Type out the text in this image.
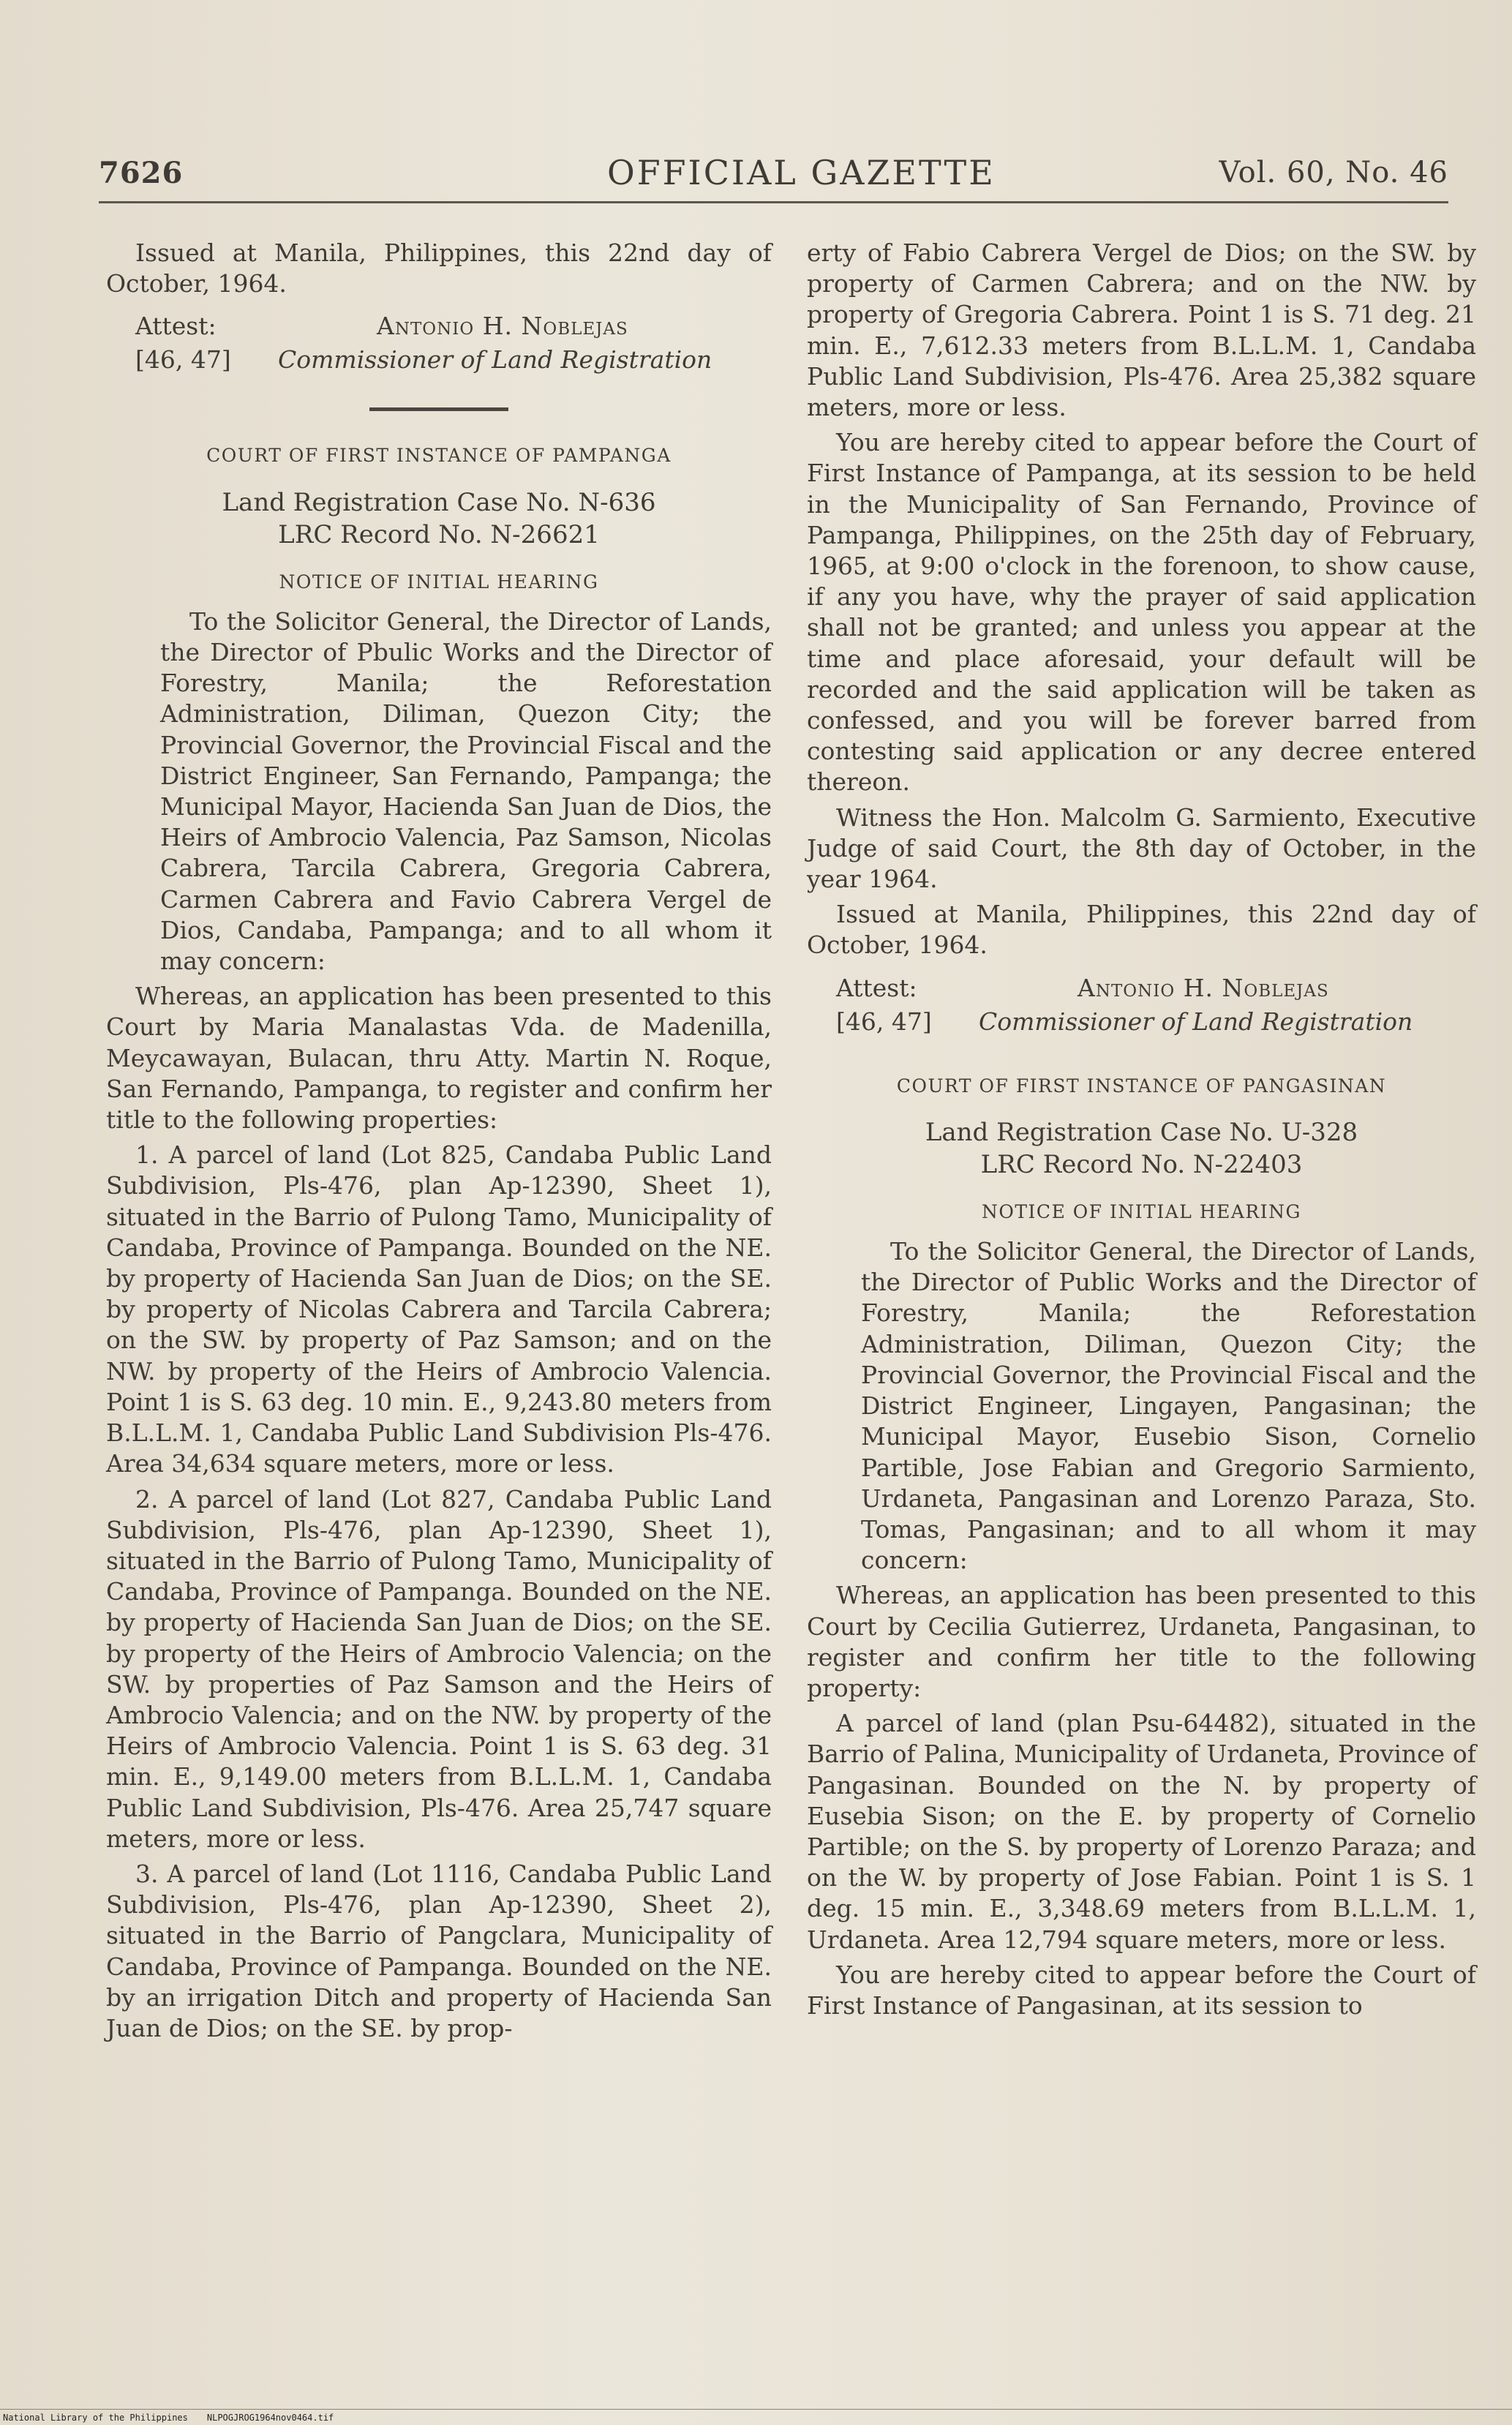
7626	OFFICIAL GAZETTE	Vol. 60, No. 46

Issued at Manila, Philippines, this 22nd day of October, 1964.

Attest:
[46, 47]
Antonio H. Noblejas
Commissioner of Land Registration
COURT OF FIRST INSTANCE OF PAMPANGA
Land Registration Case No. N-636
LRC Record No. N-26621
NOTICE OF INITIAL HEARING

To the Solicitor General, the Director of Lands, the Director of Pbulic Works and the Director of Forestry, Manila; the Reforestation Administration, Diliman, Quezon City; the Provincial Governor, the Provincial Fiscal and the District Engineer, San Fernando, Pampanga; the Municipal Mayor, Hacienda San Juan de Dios, the Heirs of Ambrocio Valencia, Paz Samson, Nicolas Cabrera, Tarcila Cabrera, Gregoria Cabrera, Carmen Cabrera and Favio Cabrera Vergel de Dios, Candaba, Pampanga; and to all whom it may concern:

Whereas, an application has been presented to this Court by Maria Manalastas Vda. de Madenilla, Meycawayan, Bulacan, thru Atty. Martin N. Roque, San Fernando, Pampanga, to register and confirm her title to the following properties:

1. A parcel of land (Lot 825, Candaba Public Land Subdivision, Pls-476, plan Ap-12390, Sheet 1), situated in the Barrio of Pulong Tamo, Municipality of Candaba, Province of Pampanga. Bounded on the NE. by property of Hacienda San Juan de Dios; on the SE. by property of Nicolas Cabrera and Tarcila Cabrera; on the SW. by property of Paz Samson; and on the NW. by property of the Heirs of Ambrocio Valencia. Point 1 is S. 63 deg. 10 min. E., 9,243.80 meters from B.L.L.M. 1, Candaba Public Land Subdivision Pls-476. Area 34,634 square meters, more or less.

2. A parcel of land (Lot 827, Candaba Public Land Subdivision, Pls-476, plan Ap-12390, Sheet 1), situated in the Barrio of Pulong Tamo, Municipality of Candaba, Province of Pampanga. Bounded on the NE. by property of Hacienda San Juan de Dios; on the SE. by property of the Heirs of Ambrocio Valencia; on the SW. by properties of Paz Samson and the Heirs of Ambrocio Valencia; and on the NW. by property of the Heirs of Ambrocio Valencia. Point 1 is S. 63 deg. 31 min. E., 9,149.00 meters from B.L.L.M. 1, Candaba Public Land Subdivision, Pls-476. Area 25,747 square meters, more or less.

3. A parcel of land (Lot 1116, Candaba Public Land Subdivision, Pls-476, plan Ap-12390, Sheet 2), situated in the Barrio of Pangclara, Municipality of Candaba, Province of Pampanga. Bounded on the NE. by an irrigation Ditch and property of Hacienda San Juan de Dios; on the SE. by prop-

erty of Fabio Cabrera Vergel de Dios; on the SW. by property of Carmen Cabrera; and on the NW. by property of Gregoria Cabrera. Point 1 is S. 71 deg. 21 min. E., 7,612.33 meters from B.L.L.M. 1, Candaba Public Land Subdivision, Pls-476. Area 25,382 square meters, more or less.

You are hereby cited to appear before the Court of First Instance of Pampanga, at its session to be held in the Municipality of San Fernando, Province of Pampanga, Philippines, on the 25th day of February, 1965, at 9:00 o'clock in the forenoon, to show cause, if any you have, why the prayer of said application shall not be granted; and unless you appear at the time and place aforesaid, your default will be recorded and the said application will be taken as confessed, and you will be forever barred from contesting said application or any decree entered thereon.

Witness the Hon. Malcolm G. Sarmiento, Executive Judge of said Court, the 8th day of October, in the year 1964.

Issued at Manila, Philippines, this 22nd day of October, 1964.

Attest:
[46, 47]
Antonio H. Noblejas
Commissioner of Land Registration
COURT OF FIRST INSTANCE OF PANGASINAN
Land Registration Case No. U-328
LRC Record No. N-22403
NOTICE OF INITIAL HEARING

To the Solicitor General, the Director of Lands, the Director of Public Works and the Director of Forestry, Manila; the Reforestation Administration, Diliman, Quezon City; the Provincial Governor, the Provincial Fiscal and the District Engineer, Lingayen, Pangasinan; the Municipal Mayor, Eusebio Sison, Cornelio Partible, Jose Fabian and Gregorio Sarmiento, Urdaneta, Pangasinan and Lorenzo Paraza, Sto. Tomas, Pangasinan; and to all whom it may concern:

Whereas, an application has been presented to this Court by Cecilia Gutierrez, Urdaneta, Pangasinan, to register and confirm her title to the following property:

A parcel of land (plan Psu-64482), situated in the Barrio of Palina, Municipality of Urdaneta, Province of Pangasinan. Bounded on the N. by property of Eusebia Sison; on the E. by property of Cornelio Partible; on the S. by property of Lorenzo Paraza; and on the W. by property of Jose Fabian. Point 1 is S. 1 deg. 15 min. E., 3,348.69 meters from B.L.L.M. 1, Urdaneta. Area 12,794 square meters, more or less.

You are hereby cited to appear before the Court of First Instance of Pangasinan, at its session to

National Library of the Philippines NLPOGJROG1964nov0464.tif
